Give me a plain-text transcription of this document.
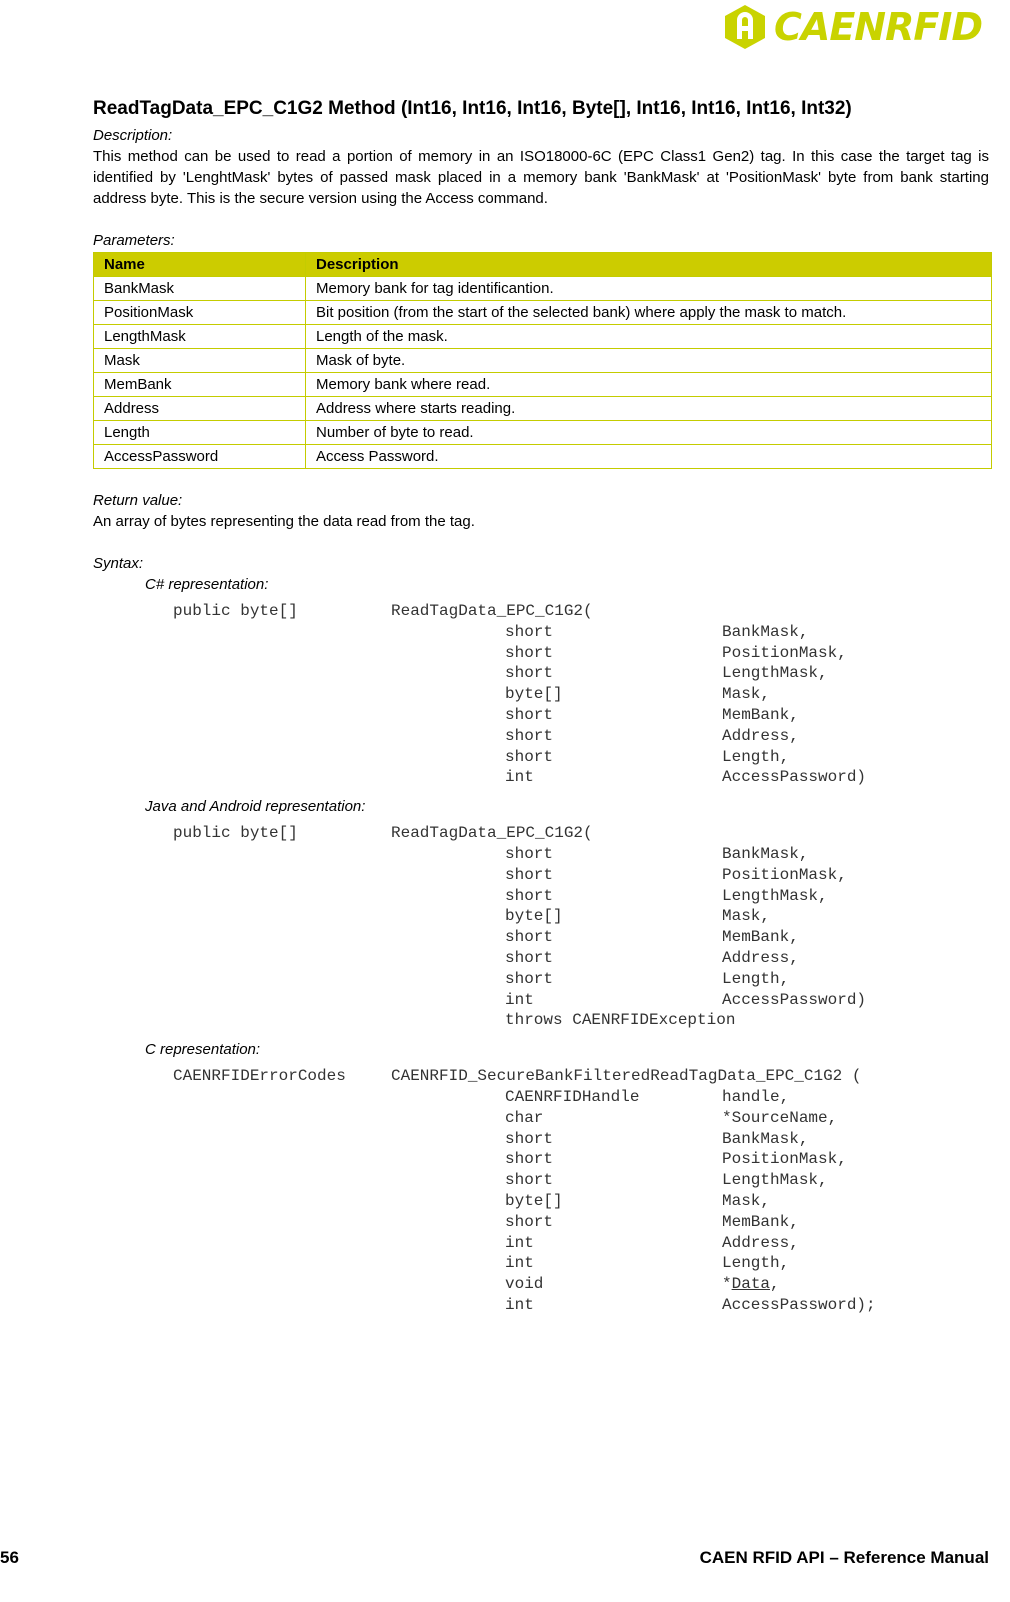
CAENRFID
ReadTagData_EPC_C1G2 Method (Int16, Int16, Int16, Byte[], Int16, Int16, Int16, Int32)

Description:

This method can be used to read a portion of memory in an ISO18000-6C (EPC Class1 Gen2) tag. In this case the target tag is identified by 'LenghtMask' bytes of passed mask placed in a memory bank 'BankMask' at 'PositionMask' byte from bank starting address byte. This is the secure version using the Access command.

Parameters:

Name	Description
BankMask	Memory bank for tag identificantion.
PositionMask	Bit position (from the start of the selected bank) where apply the mask to match.
LengthMask	Length of the mask.
Mask	Mask of byte.
MemBank	Memory bank where read.
Address	Address where starts reading.
Length	Number of byte to read.
AccessPassword	Access Password.

Return value:

An array of bytes representing the data read from the tag.

Syntax:

C# representation:

public byte[]	ReadTagData_EPC_C1G2(
short	BankMask,
short	PositionMask,
short	LengthMask,
byte[]	Mask,
short	MemBank,
short	Address,
short	Length,
int	AccessPassword)

Java and Android representation:

public byte[]	ReadTagData_EPC_C1G2(
short	BankMask,
short	PositionMask,
short	LengthMask,
byte[]	Mask,
short	MemBank,
short	Address,
short	Length,
int	AccessPassword)
throws CAENRFIDException

C representation:

CAENRFIDErrorCodes	CAENRFID_SecureBankFilteredReadTagData_EPC_C1G2 (
CAENRFIDHandle	handle,
char	*SourceName,
short	BankMask,
short	PositionMask,
short	LengthMask,
byte[]	Mask,
short	MemBank,
int	Address,
int	Length,
void	*Data,
int	AccessPassword);
56	CAEN RFID API – Reference Manual
